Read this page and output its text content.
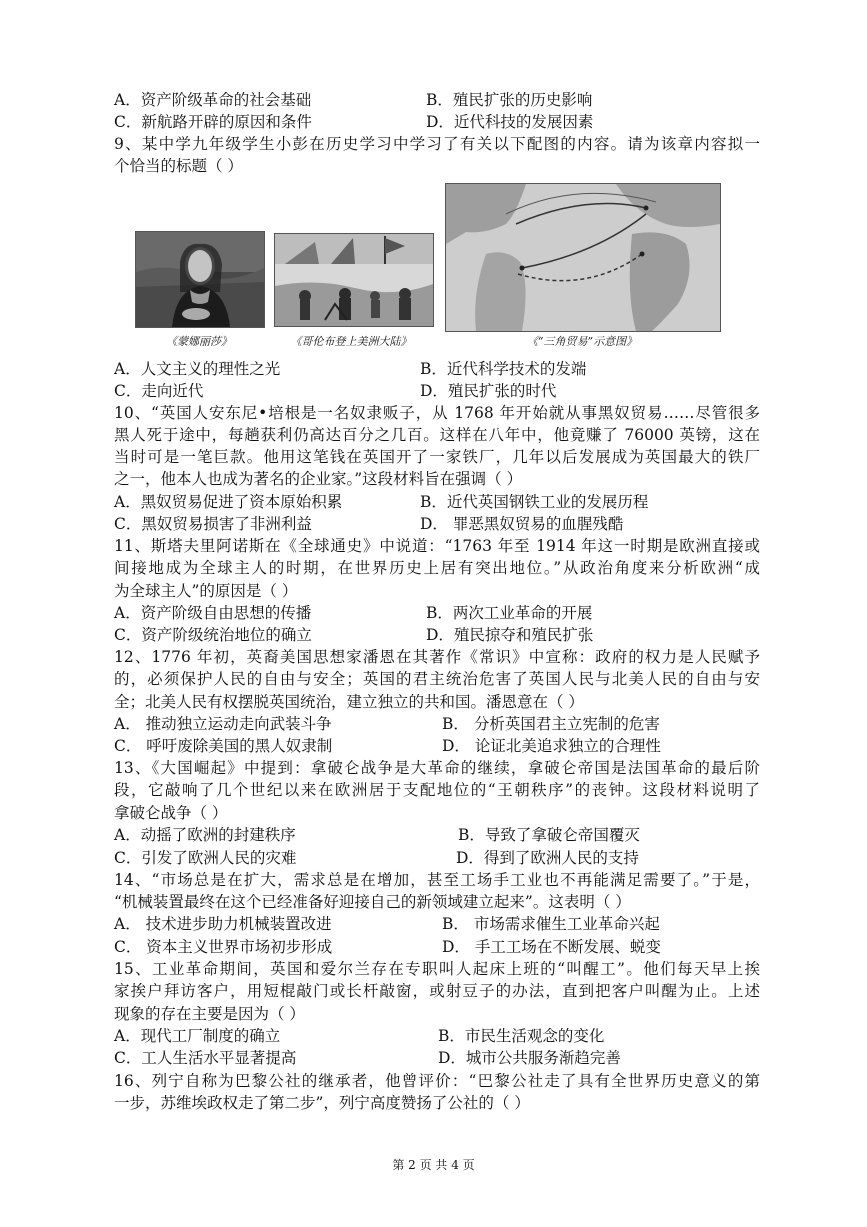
A．资产阶级革命的社会基础	B．殖民扩张的历史影响
C．新航路开辟的原因和条件	D．近代科技的发展因素
9、某中学九年级学生小彭在历史学习中学习了有关以下配图的内容。请为该章内容拟一
个恰当的标题（ ）
《蒙娜丽莎》	《哥伦布登上美洲大陆》	《“三角贸易”示意图》
A．人文主义的理性之光	B．近代科学技术的发端
C．走向近代	D．殖民扩张的时代
10、“英国人安东尼•培根是一名奴隶贩子，从 1768 年开始就从事黑奴贸易……尽管很多
黑人死于途中，每趟获利仍高达百分之几百。这样在八年中，他竟赚了 76000 英镑，这在
当时可是一笔巨款。他用这笔钱在英国开了一家铁厂，几年以后发展成为英国最大的铁厂
之一，他本人也成为著名的企业家。”这段材料旨在强调（ ）
A．黑奴贸易促进了资本原始积累	B．近代英国钢铁工业的发展历程
C．黑奴贸易损害了非洲利益	D． 罪恶黑奴贸易的血腥残酷
11、斯塔夫里阿诺斯在《全球通史》中说道：“1763 年至 1914 年这一时期是欧洲直接或
间接地成为全球主人的时期，在世界历史上居有突出地位。”从政治角度来分析欧洲“成
为全球主人”的原因是（ ）
A．资产阶级自由思想的传播	B．两次工业革命的开展
C．资产阶级统治地位的确立	D．殖民掠夺和殖民扩张
12、1776 年初，英裔美国思想家潘恩在其著作《常识》中宣称：政府的权力是人民赋予
的，必须保护人民的自由与安全；英国的君主统治危害了英国人民与北美人民的自由与安
全；北美人民有权摆脱英国统治，建立独立的共和国。潘恩意在（ ）
A． 推动独立运动走向武装斗争	B． 分析英国君主立宪制的危害
C． 呼吁废除美国的黑人奴隶制	D． 论证北美追求独立的合理性
13、《大国崛起》中提到：拿破仑战争是大革命的继续，拿破仑帝国是法国革命的最后阶
段，它敲响了几个世纪以来在欧洲居于支配地位的“王朝秩序”的丧钟。这段材料说明了
拿破仑战争（ ）
A．动摇了欧洲的封建秩序	B．导致了拿破仑帝国覆灭
C．引发了欧洲人民的灾难	D．得到了欧洲人民的支持
14、“市场总是在扩大，需求总是在增加，甚至工场手工业也不再能满足需要了。”于是，
“机械装置最终在这个已经准备好迎接自己的新领域建立起来”。这表明（ ）
A． 技术进步助力机械装置改进	B． 市场需求催生工业革命兴起
C． 资本主义世界市场初步形成	D． 手工工场在不断发展、蜕变
15、工业革命期间，英国和爱尔兰存在专职叫人起床上班的“叫醒工”。他们每天早上挨
家挨户拜访客户，用短棍敲门或长杆敲窗，或射豆子的办法，直到把客户叫醒为止。上述
现象的存在主要是因为（ ）
A．现代工厂制度的确立	B．市民生活观念的变化
C．工人生活水平显著提高	D．城市公共服务渐趋完善
16、列宁自称为巴黎公社的继承者，他曾评价：“巴黎公社走了具有全世界历史意义的第
一步，苏维埃政权走了第二步”，列宁高度赞扬了公社的（ ）
第 2 页 共 4 页
